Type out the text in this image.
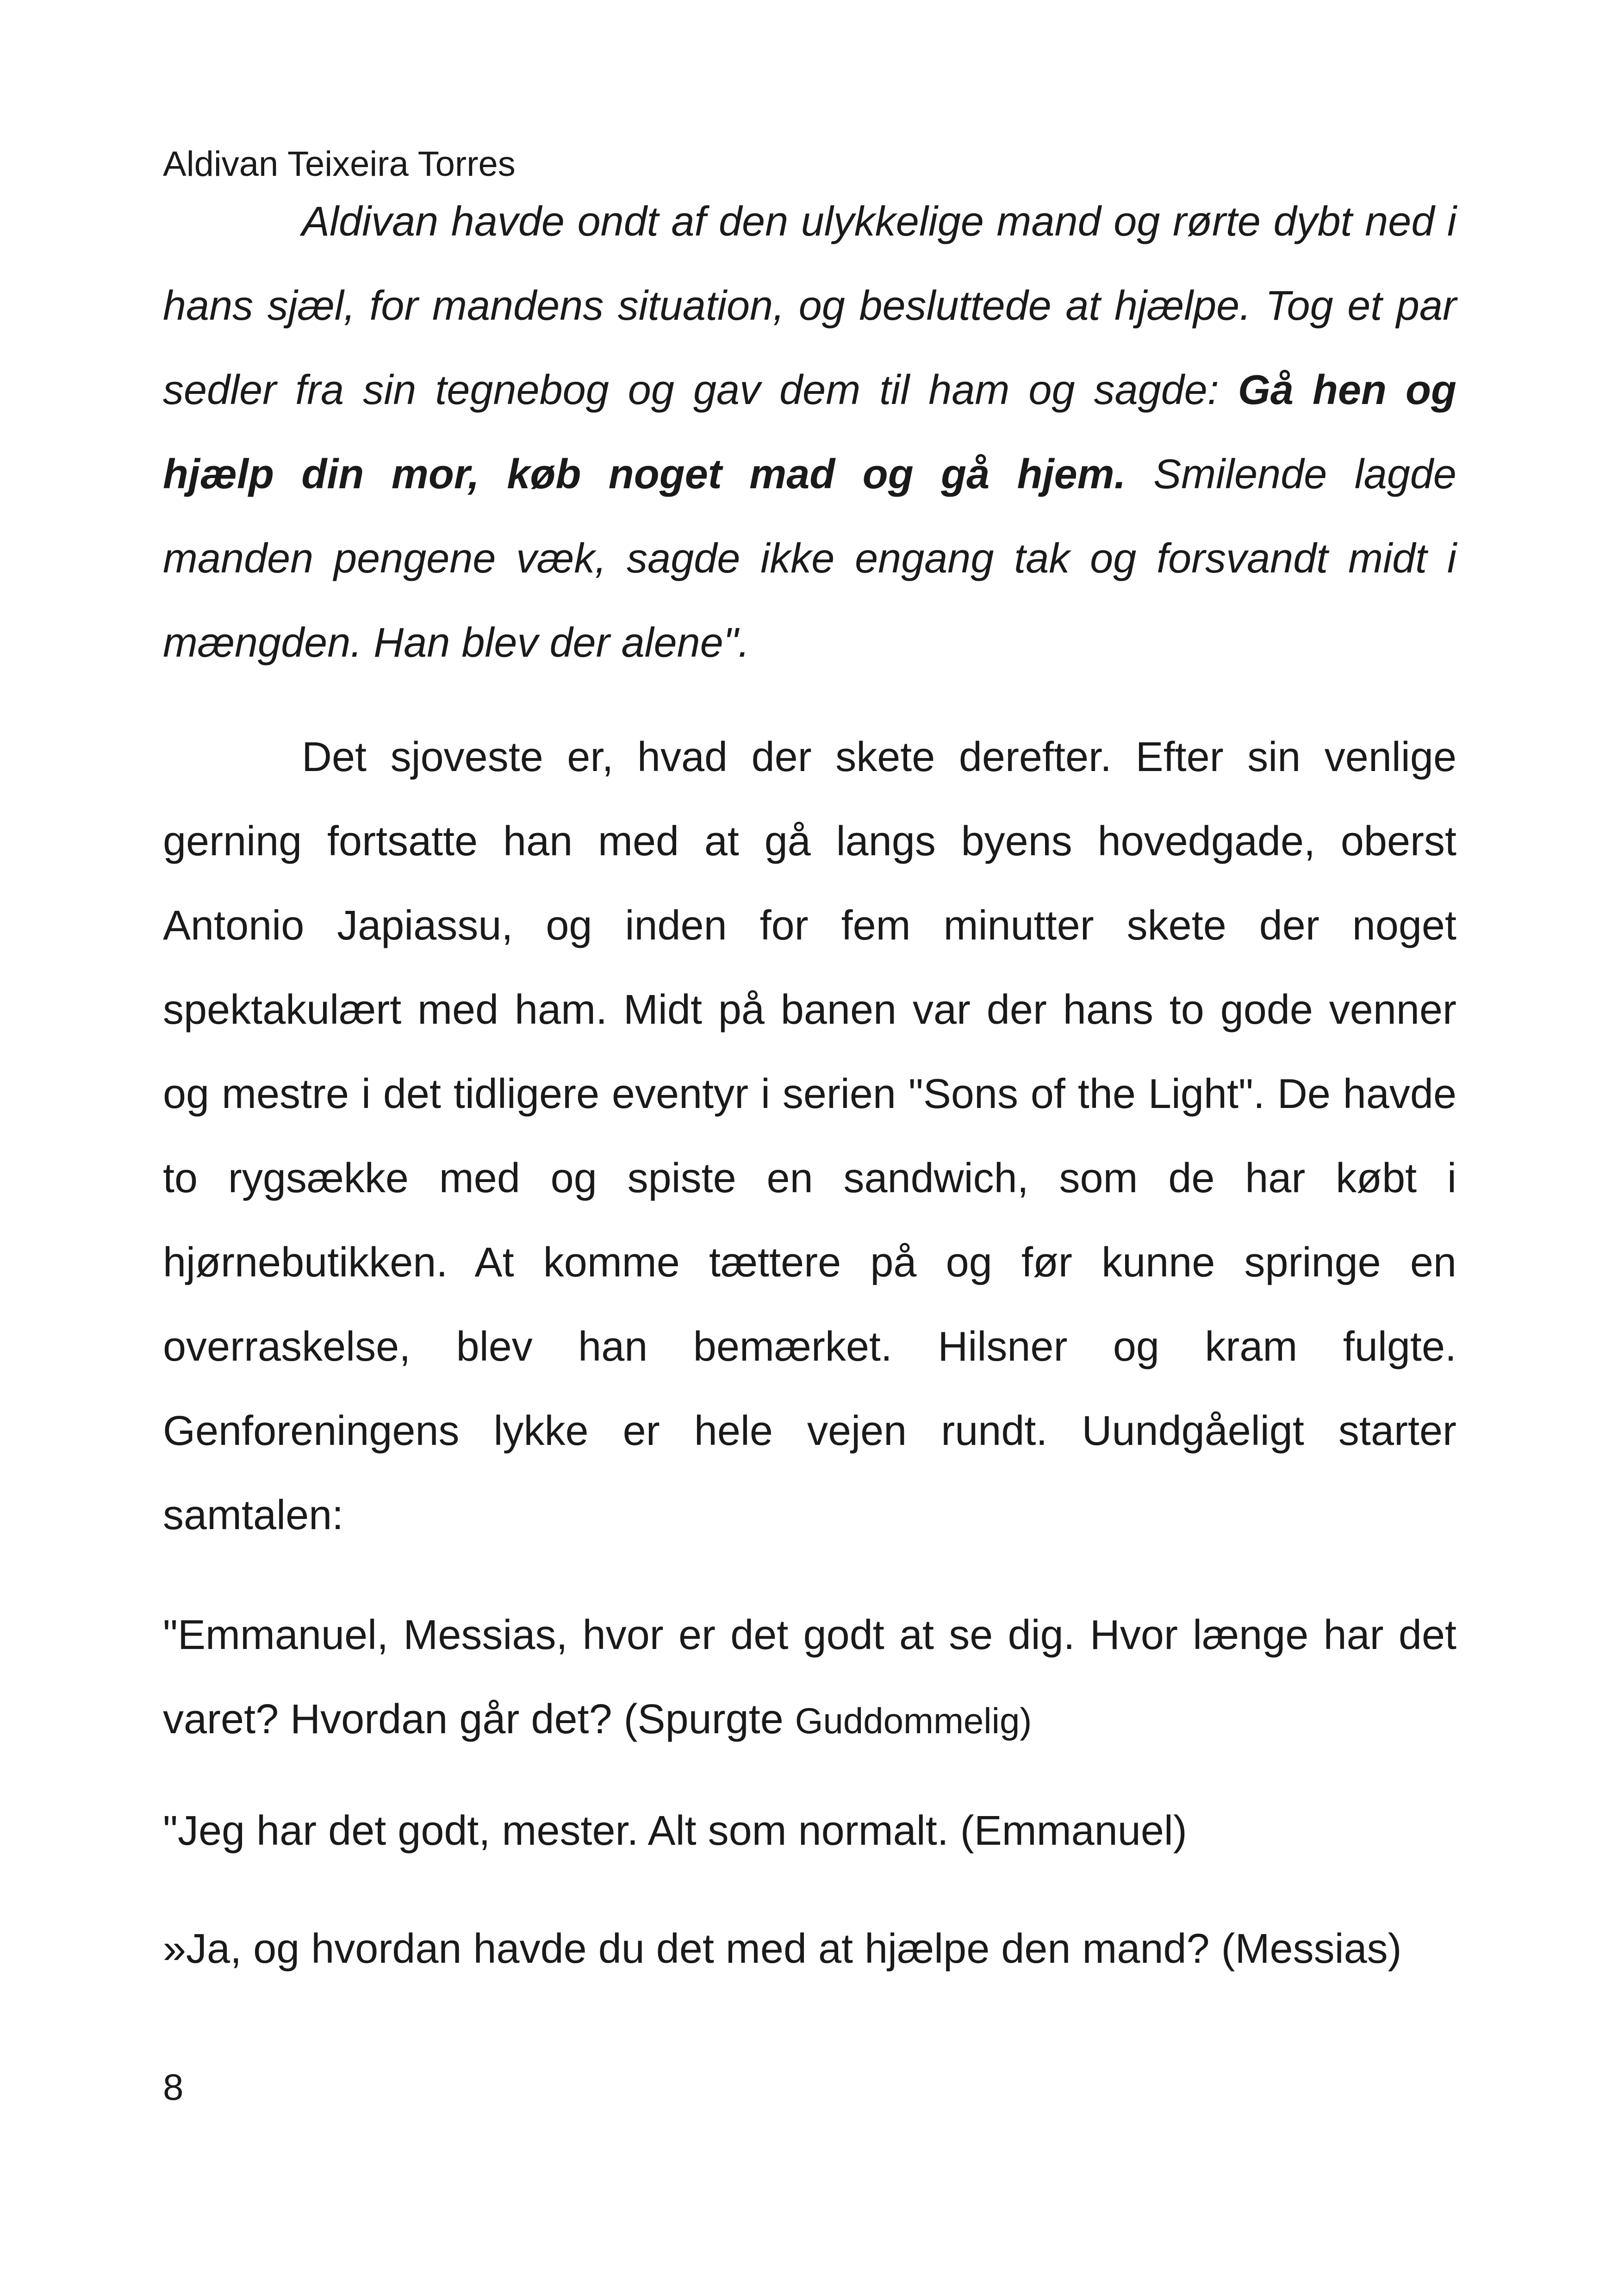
Aldivan Teixeira Torres

Aldivan havde ondt af den ulykkelige mand og rørte dybt ned i hans sjæl, for mandens situation, og besluttede at hjælpe. Tog et par sedler fra sin tegnebog og gav dem til ham og sagde: Gå hen og hjælp din mor, køb noget mad og gå hjem. Smilende lagde manden pengene væk, sagde ikke engang tak og forsvandt midt i mængden. Han blev der alene".

Det sjoveste er, hvad der skete derefter. Efter sin venlige gerning fortsatte han med at gå langs byens hovedgade, oberst Antonio Japiassu, og inden for fem minutter skete der noget spektakulært med ham. Midt på banen var der hans to gode venner og mestre i det tidligere eventyr i serien "Sons of the Light". De havde to rygsække med og spiste en sandwich, som de har købt i hjørnebutikken. At komme tættere på og før kunne springe en overraskelse, blev han bemærket. Hilsner og kram fulgte. Genforeningens lykke er hele vejen rundt. Uundgåeligt starter samtalen:

"Emmanuel, Messias, hvor er det godt at se dig. Hvor længe har det varet? Hvordan går det? (Spurgte Guddommelig)

"Jeg har det godt, mester. Alt som normalt. (Emmanuel)

»Ja, og hvordan havde du det med at hjælpe den mand? (Messias)

8
